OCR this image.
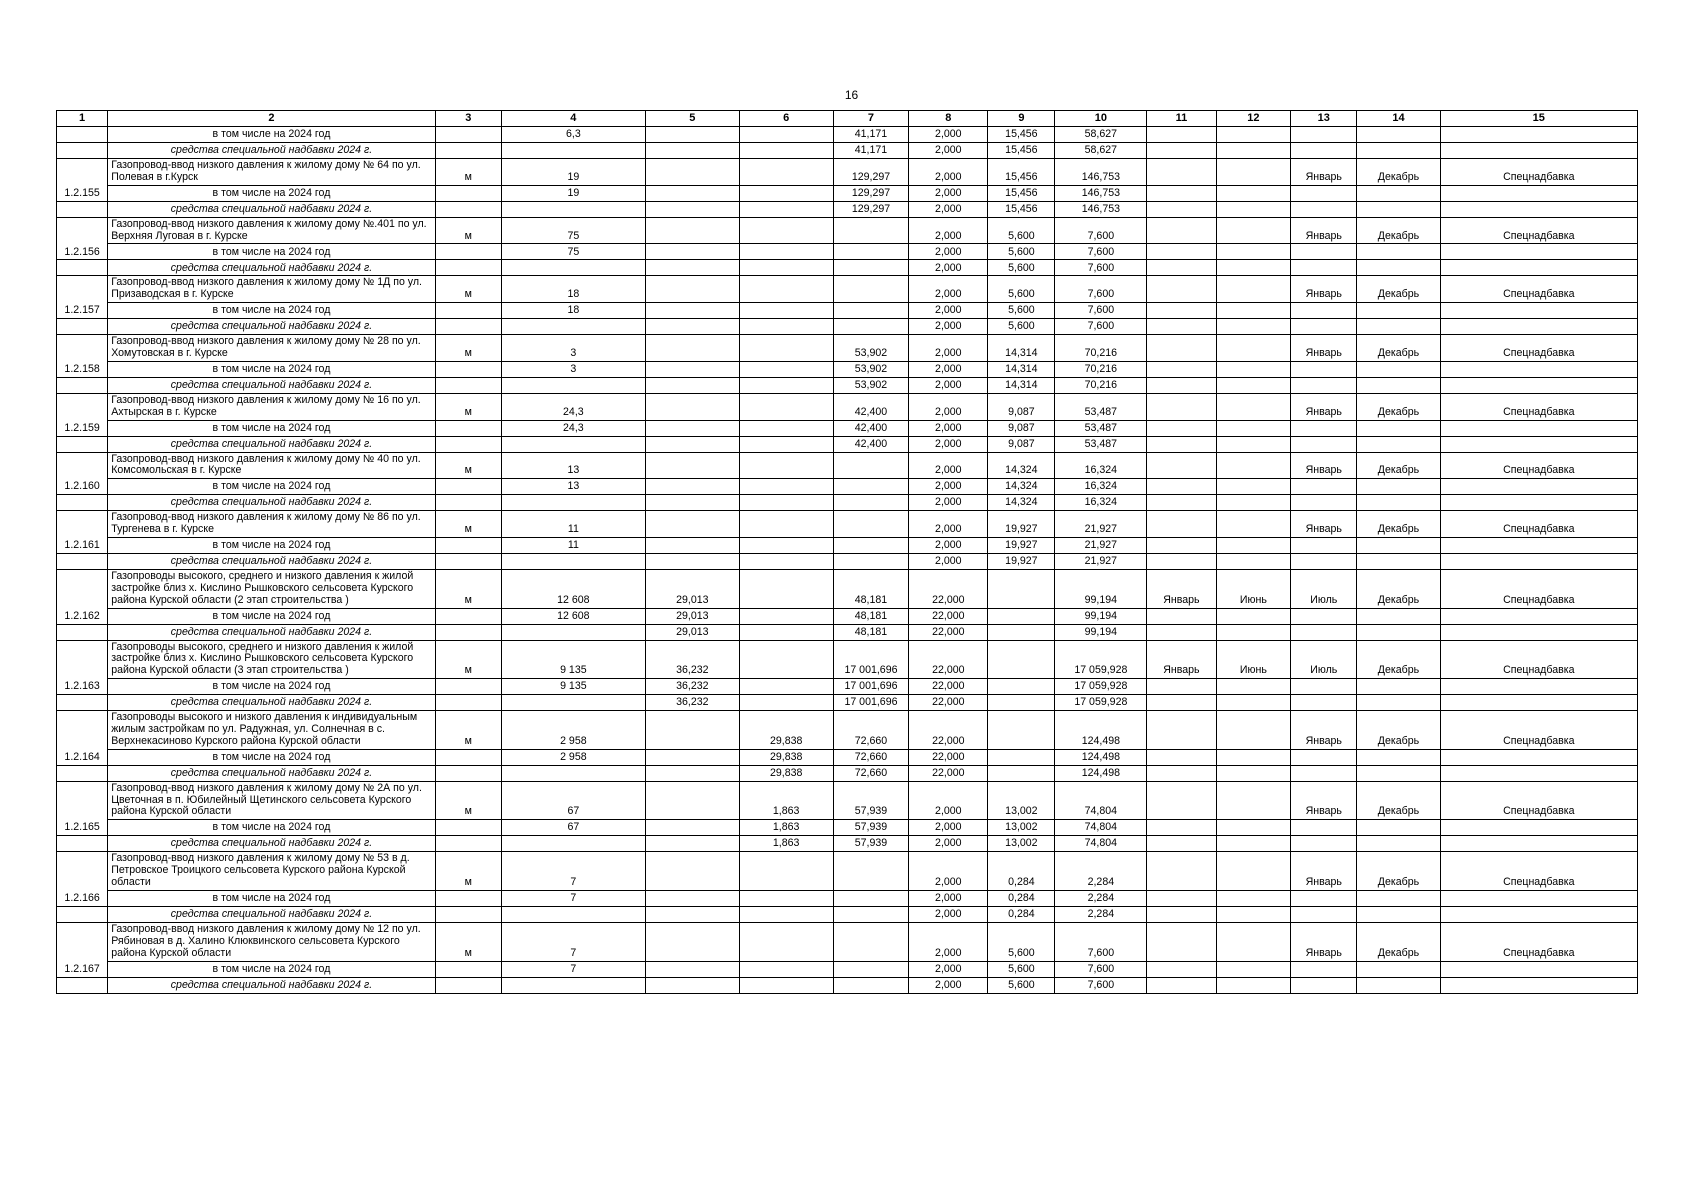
16
1	2	3	4	5	6	7	8	9	10	11	12	13	14	15
	в том числе на 2024 год		6,3			41,171	2,000	15,456	58,627					
	средства специальной надбавки 2024 г.					41,171	2,000	15,456	58,627					
1.2.155	Газопровод-ввод низкого давления к жилому дому № 64 по ул. Полевая в г.Курск	м	19			129,297	2,000	15,456	146,753			Январь	Декабрь	Спецнадбавка
	в том числе на 2024 год		19			129,297	2,000	15,456	146,753					
	средства специальной надбавки 2024 г.					129,297	2,000	15,456	146,753					
1.2.156	Газопровод-ввод низкого давления к жилому дому №.401 по ул. Верхняя Луговая в г. Курске	м	75				2,000	5,600	7,600			Январь	Декабрь	Спецнадбавка
	в том числе на 2024 год		75				2,000	5,600	7,600					
	средства специальной надбавки 2024 г.						2,000	5,600	7,600					
1.2.157	Газопровод-ввод низкого давления к жилому дому № 1Д по ул. Призаводская в г. Курске	м	18				2,000	5,600	7,600			Январь	Декабрь	Спецнадбавка
	в том числе на 2024 год		18				2,000	5,600	7,600					
	средства специальной надбавки 2024 г.						2,000	5,600	7,600					
1.2.158	Газопровод-ввод низкого давления к жилому дому № 28 по ул. Хомутовская в г. Курске	м	3			53,902	2,000	14,314	70,216			Январь	Декабрь	Спецнадбавка
	в том числе на 2024 год		3			53,902	2,000	14,314	70,216					
	средства специальной надбавки 2024 г.					53,902	2,000	14,314	70,216					
1.2.159	Газопровод-ввод низкого давления к жилому дому № 16 по ул. Ахтырская в г. Курске	м	24,3			42,400	2,000	9,087	53,487			Январь	Декабрь	Спецнадбавка
	в том числе на 2024 год		24,3			42,400	2,000	9,087	53,487					
	средства специальной надбавки 2024 г.					42,400	2,000	9,087	53,487					
1.2.160	Газопровод-ввод низкого давления к жилому дому № 40 по ул. Комсомольская в г. Курске	м	13				2,000	14,324	16,324			Январь	Декабрь	Спецнадбавка
	в том числе на 2024 год		13				2,000	14,324	16,324					
	средства специальной надбавки 2024 г.						2,000	14,324	16,324					
1.2.161	Газопровод-ввод низкого давления к жилому дому № 86 по ул. Тургенева в г. Курске	м	11				2,000	19,927	21,927			Январь	Декабрь	Спецнадбавка
	в том числе на 2024 год		11				2,000	19,927	21,927					
	средства специальной надбавки 2024 г.						2,000	19,927	21,927					
1.2.162	Газопроводы высокого, среднего и низкого давления к жилой застройке близ х. Кислино Рышковского сельсовета Курского района Курской области (2 этап строительства )	м	12 608	29,013		48,181	22,000		99,194	Январь	Июнь	Июль	Декабрь	Спецнадбавка
	в том числе на 2024 год		12 608	29,013		48,181	22,000		99,194					
	средства специальной надбавки 2024 г.			29,013		48,181	22,000		99,194					
1.2.163	Газопроводы высокого, среднего и низкого давления к жилой застройке близ х. Кислино Рышковского сельсовета Курского района Курской области (3 этап строительства )	м	9 135	36,232		17 001,696	22,000		17 059,928	Январь	Июнь	Июль	Декабрь	Спецнадбавка
	в том числе на 2024 год		9 135	36,232		17 001,696	22,000		17 059,928					
	средства специальной надбавки 2024 г.			36,232		17 001,696	22,000		17 059,928					
1.2.164	Газопроводы высокого и низкого давления к индивидуальным жилым застройкам по ул. Радужная, ул. Солнечная в с. Верхнекасиново Курского района Курской области	м	2 958		29,838	72,660	22,000		124,498			Январь	Декабрь	Спецнадбавка
	в том числе на 2024 год		2 958		29,838	72,660	22,000		124,498					
	средства специальной надбавки 2024 г.				29,838	72,660	22,000		124,498					
1.2.165	Газопровод-ввод низкого давления к жилому дому № 2А по ул. Цветочная в п. Юбилейный Щетинского сельсовета Курского района Курской области	м	67		1,863	57,939	2,000	13,002	74,804			Январь	Декабрь	Спецнадбавка
	в том числе на 2024 год		67		1,863	57,939	2,000	13,002	74,804					
	средства специальной надбавки 2024 г.				1,863	57,939	2,000	13,002	74,804					
1.2.166	Газопровод-ввод низкого давления к жилому дому № 53 в д. Петровское Троицкого сельсовета Курского района Курской области	м	7				2,000	0,284	2,284			Январь	Декабрь	Спецнадбавка
	в том числе на 2024 год		7				2,000	0,284	2,284					
	средства специальной надбавки 2024 г.						2,000	0,284	2,284					
1.2.167	Газопровод-ввод низкого давления к жилому дому № 12 по ул. Рябиновая в д. Халино Клюквинского сельсовета Курского района Курской области	м	7				2,000	5,600	7,600			Январь	Декабрь	Спецнадбавка
	в том числе на 2024 год		7				2,000	5,600	7,600					
	средства специальной надбавки 2024 г.						2,000	5,600	7,600					
